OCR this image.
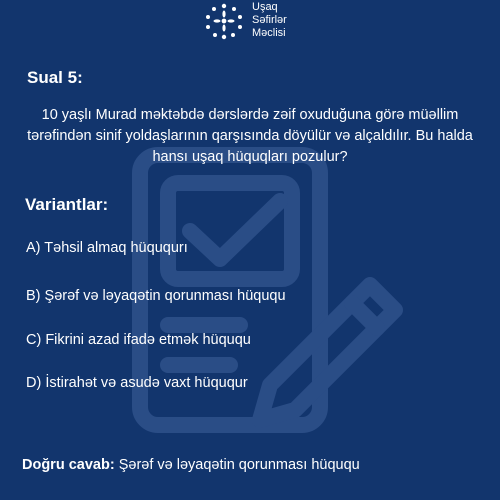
Uşaq
Səfirlər
Məclisi
Sual 5:
10 yaşlı Murad məktəbdə dərslərdə zəif oxuduğuna görə müəllim tərəfindən sinif yoldaşlarının qarşısında döyülür və alçaldılır. Bu halda hansı uşaq hüquqları pozulur?
Variantlar:
A) Təhsil almaq hüququrı
B) Şərəf və ləyaqətin qorunması hüququ
C) Fikrini azad ifadə etmək hüququ
D) İstirahət və asudə vaxt hüququr
Doğru cavab: Şərəf və ləyaqətin qorunması hüququ
